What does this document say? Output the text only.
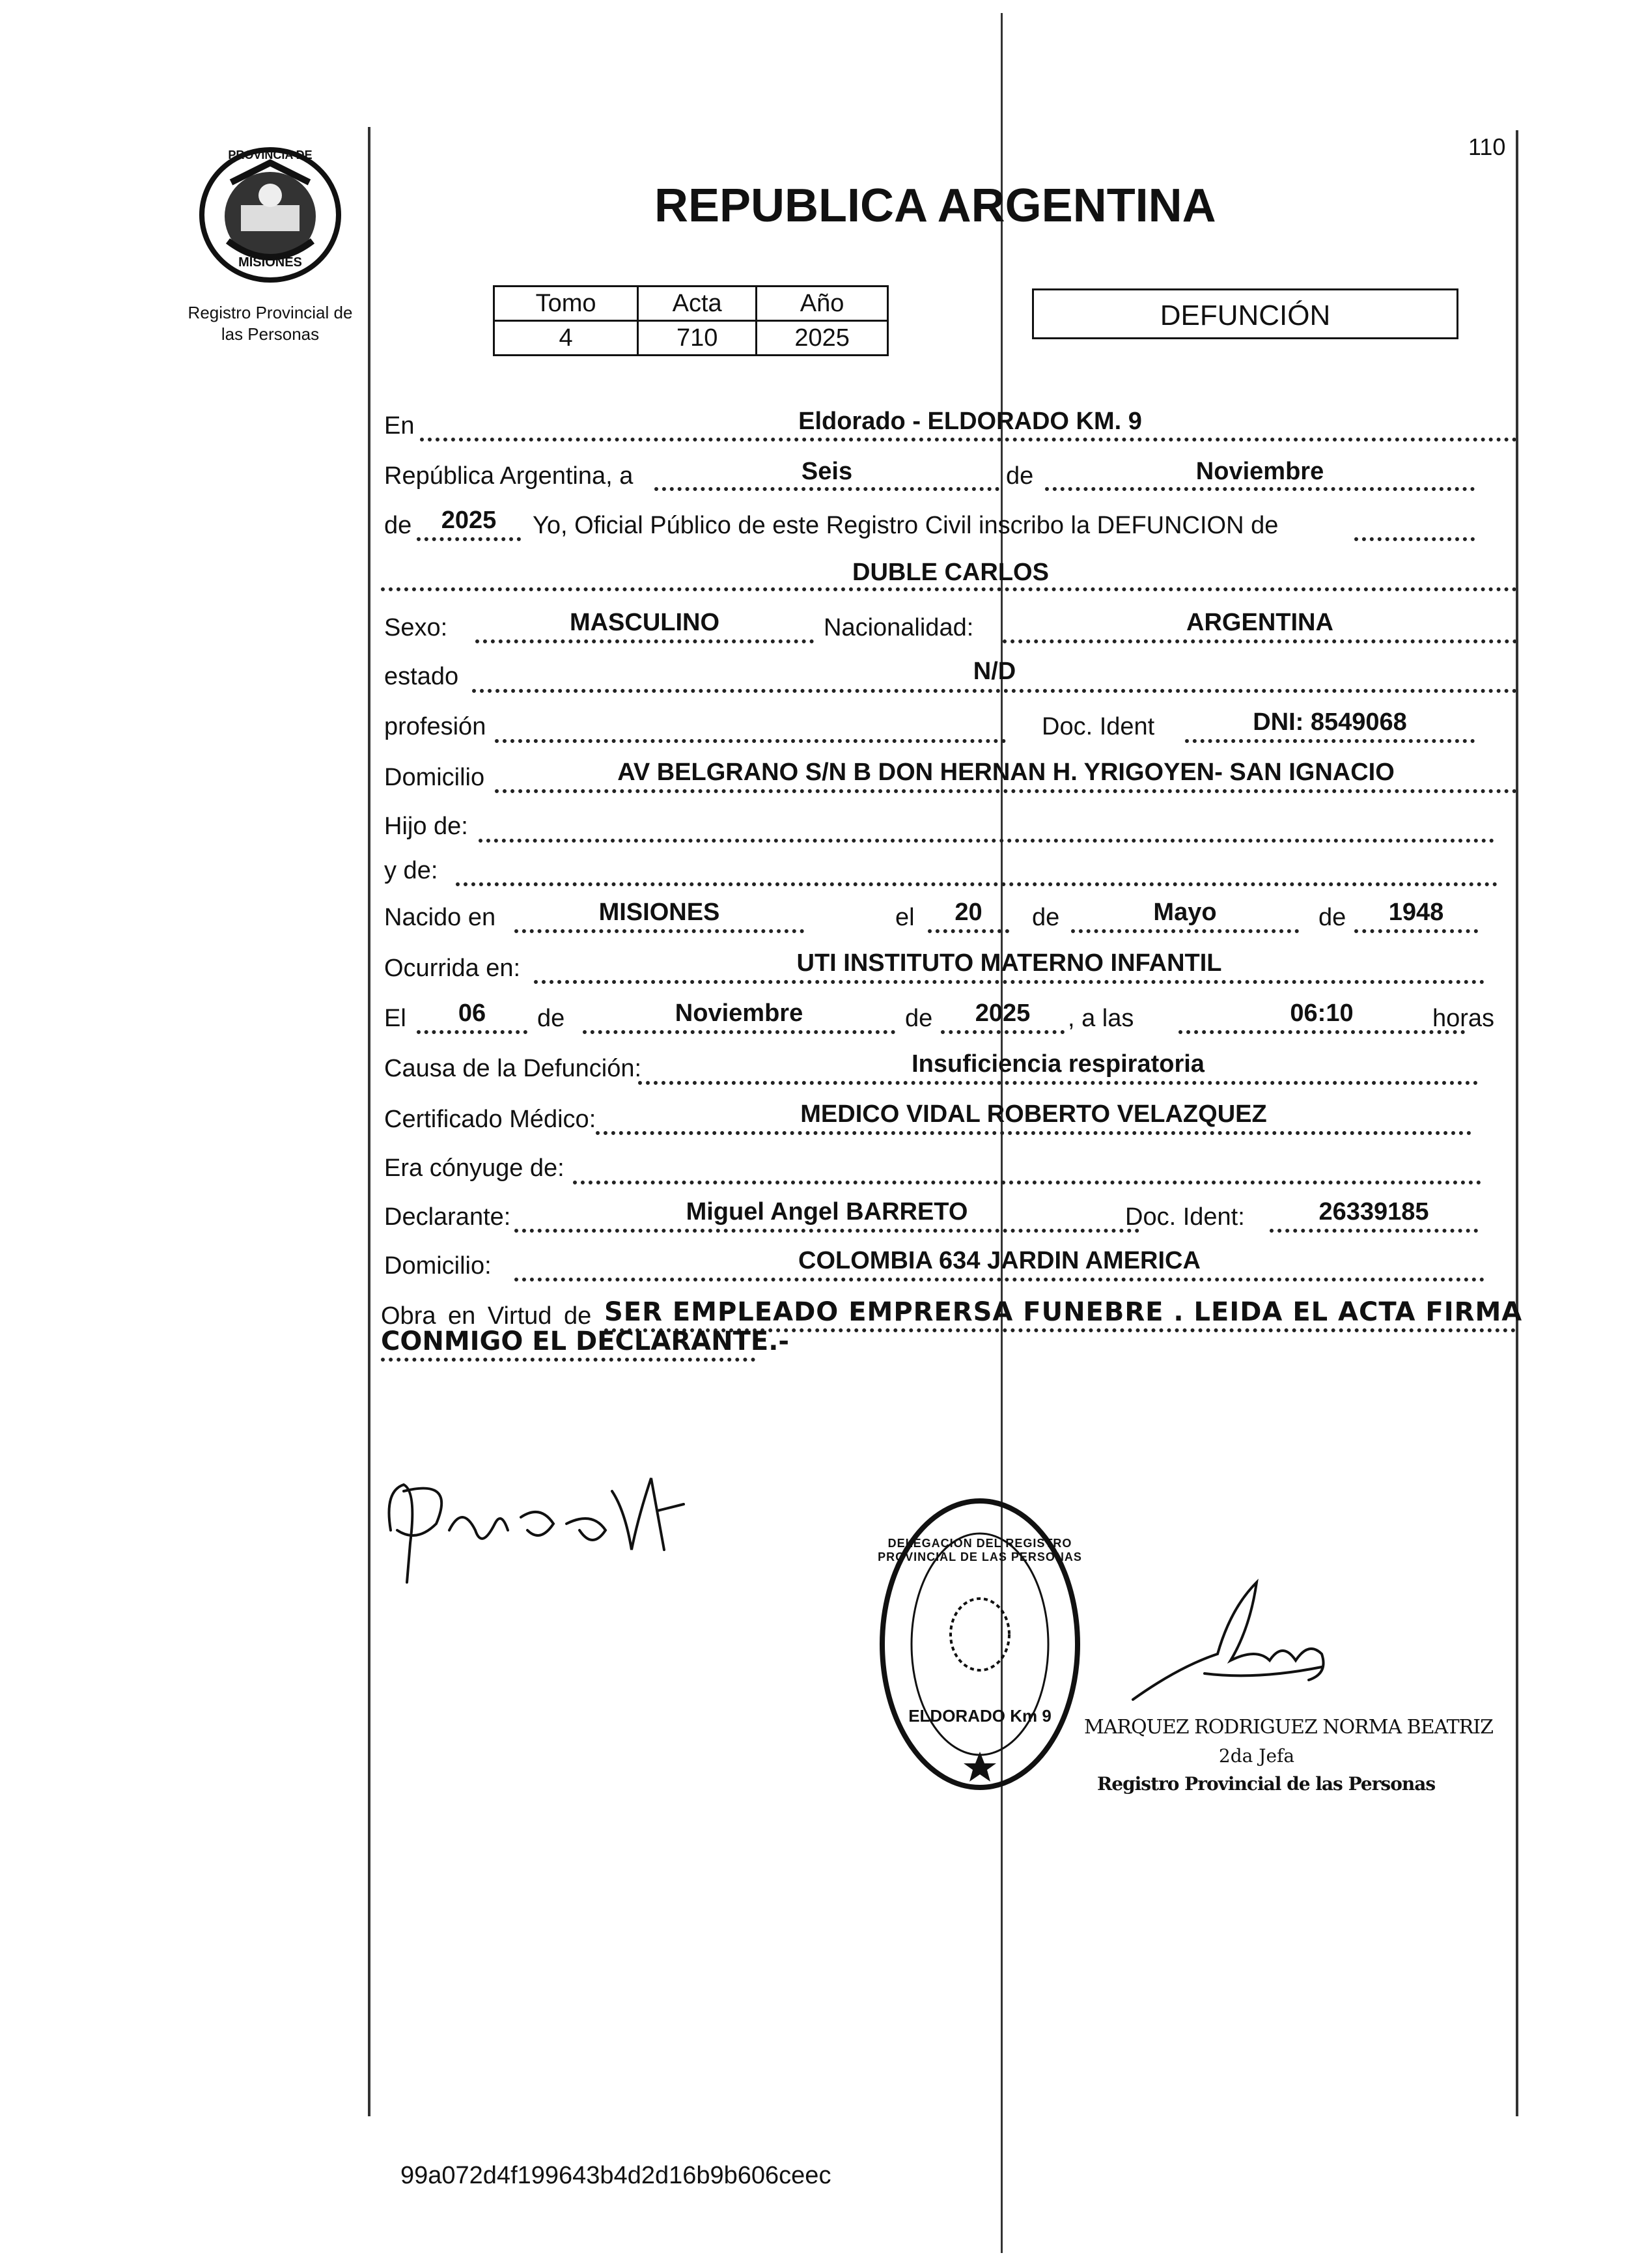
PROVINCIA DE
MISIONES
Registro Provincial de
las Personas
110
REPUBLICA ARGENTINA
Tomo	Acta	Año
4	710	2025
DEFUNCIÓN
En	Eldorado - ELDORADO KM. 9
República Argentina, a	Seis	de	Noviembre
de	2025	Yo, Oficial Público de este Registro Civil inscribo la DEFUNCION de
DUBLE CARLOS
Sexo:	MASCULINO	Nacionalidad:	ARGENTINA
estado	N/D
profesión	Doc. Ident	DNI: 8549068
Domicilio	AV BELGRANO S/N B DON HERNAN H. YRIGOYEN- SAN IGNACIO
Hijo de:
y de:
Nacido en	MISIONES	el	20	de	Mayo	de	1948
Ocurrida en:	UTI INSTITUTO MATERNO INFANTIL
El	06	de	Noviembre	de	2025	, a las	06:10	horas
Causa de la Defunción:	Insuficiencia respiratoria
Certificado Médico:	MEDICO VIDAL ROBERTO VELAZQUEZ
Era cónyuge de:
Declarante:	Miguel Angel BARRETO	Doc. Ident:	26339185
Domicilio:	COLOMBIA 634 JARDIN AMERICA
Obra en Virtud de SER EMPLEADO EMPRERSA FUNEBRE . LEIDA EL ACTA FIRMA
CONMIGO EL DECLARANTE.-
DELEGACION DEL REGISTRO PROVINCIAL DE LAS PERSONAS
ELDORADO Km 9 MARQUEZ RODRIGUEZ NORMA BEATRIZ
2da Jefa
Registro Provincial de las Personas
99a072d4f199643b4d2d16b9b606ceec
